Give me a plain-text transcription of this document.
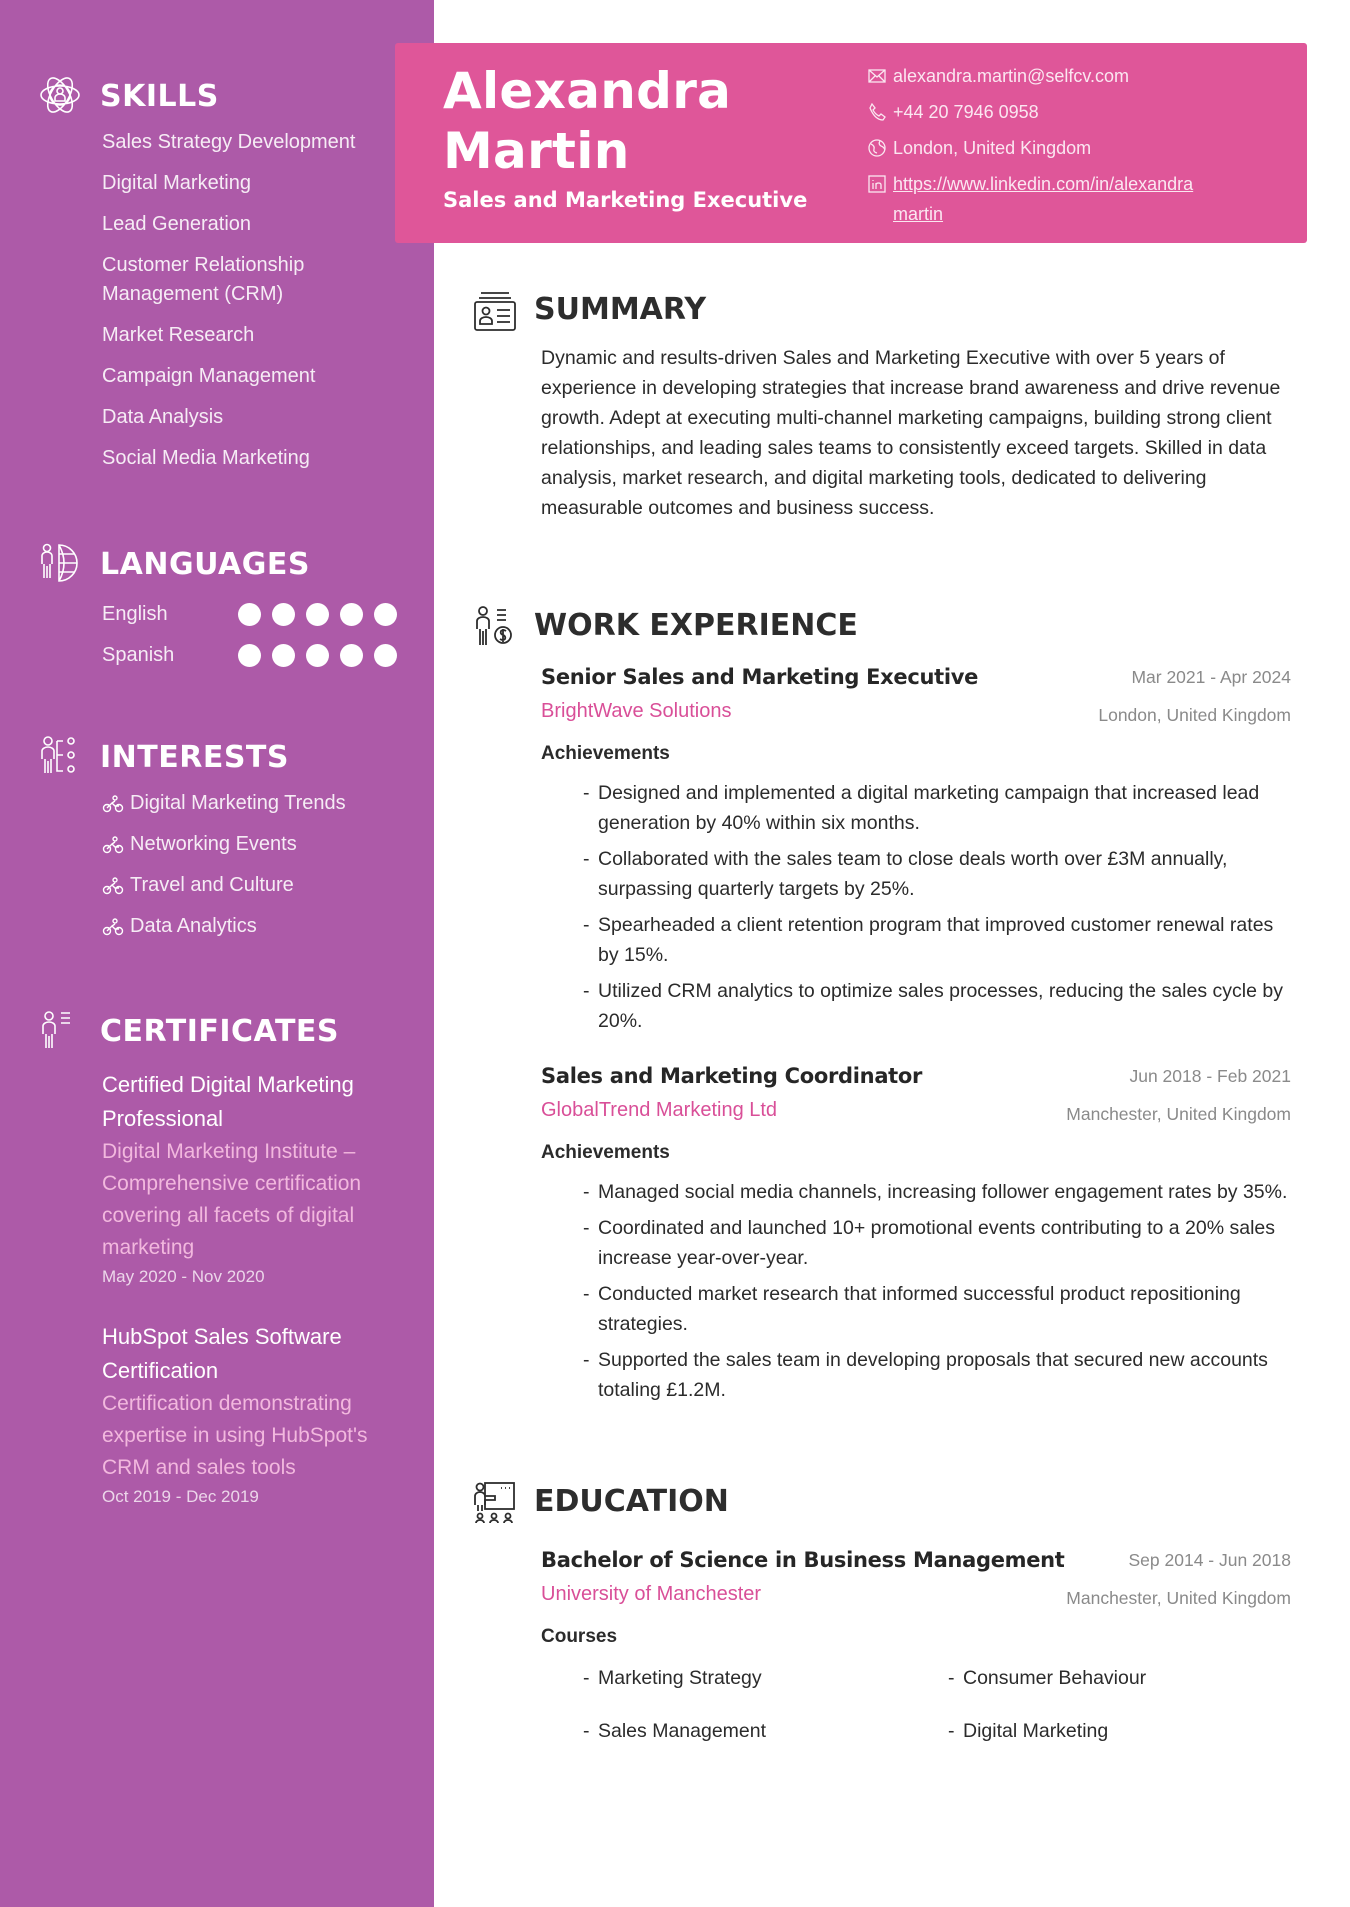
SKILLS
Sales Strategy Development
Digital Marketing
Lead Generation
Customer Relationship Management (CRM)
Market Research
Campaign Management
Data Analysis
Social Media Marketing
LANGUAGES
English
Spanish
INTERESTS
Digital Marketing Trends
Networking Events
Travel and Culture
Data Analytics
CERTIFICATES
Certified Digital Marketing Professional
Digital Marketing Institute – Comprehensive certification covering all facets of digital marketing
May 2020 - Nov 2020
HubSpot Sales Software Certification
Certification demonstrating expertise in using HubSpot's CRM and sales tools
Oct 2019 - Dec 2019
Alexandra
Martin
Sales and Marketing Executive
alexandra.martin@selfcv.com
+44 20 7946 0958
London, United Kingdom
https://www.linkedin.com/in/alexandra
martin
SUMMARY

Dynamic and results-driven Sales and Marketing Executive with over 5 years of experience in developing strategies that increase brand awareness and drive revenue growth. Adept at executing multi-channel marketing campaigns, building strong client relationships, and leading sales teams to consistently exceed targets. Skilled in data analysis, market research, and digital marketing tools, dedicated to delivering measurable outcomes and business success.

WORK EXPERIENCE
Senior Sales and Marketing Executive
BrightWave Solutions
Mar 2021 - Apr 2024
London, United Kingdom
Achievements
- Designed and implemented a digital marketing campaign that increased lead generation by 40% within six months.
- Collaborated with the sales team to close deals worth over £3M annually, surpassing quarterly targets by 25%.
- Spearheaded a client retention program that improved customer renewal rates by 15%.
- Utilized CRM analytics to optimize sales processes, reducing the sales cycle by 20%.
Sales and Marketing Coordinator
GlobalTrend Marketing Ltd
Jun 2018 - Feb 2021
Manchester, United Kingdom
Achievements
- Managed social media channels, increasing follower engagement rates by 35%.
- Coordinated and launched 10+ promotional events contributing to a 20% sales increase year-over-year.
- Conducted market research that informed successful product repositioning strategies.
- Supported the sales team in developing proposals that secured new accounts totaling £1.2M.
EDUCATION
Bachelor of Science in Business Management
University of Manchester
Sep 2014 - Jun 2018
Manchester, United Kingdom
Courses
- Marketing Strategy	- Consumer Behaviour
- Sales Management	- Digital Marketing
